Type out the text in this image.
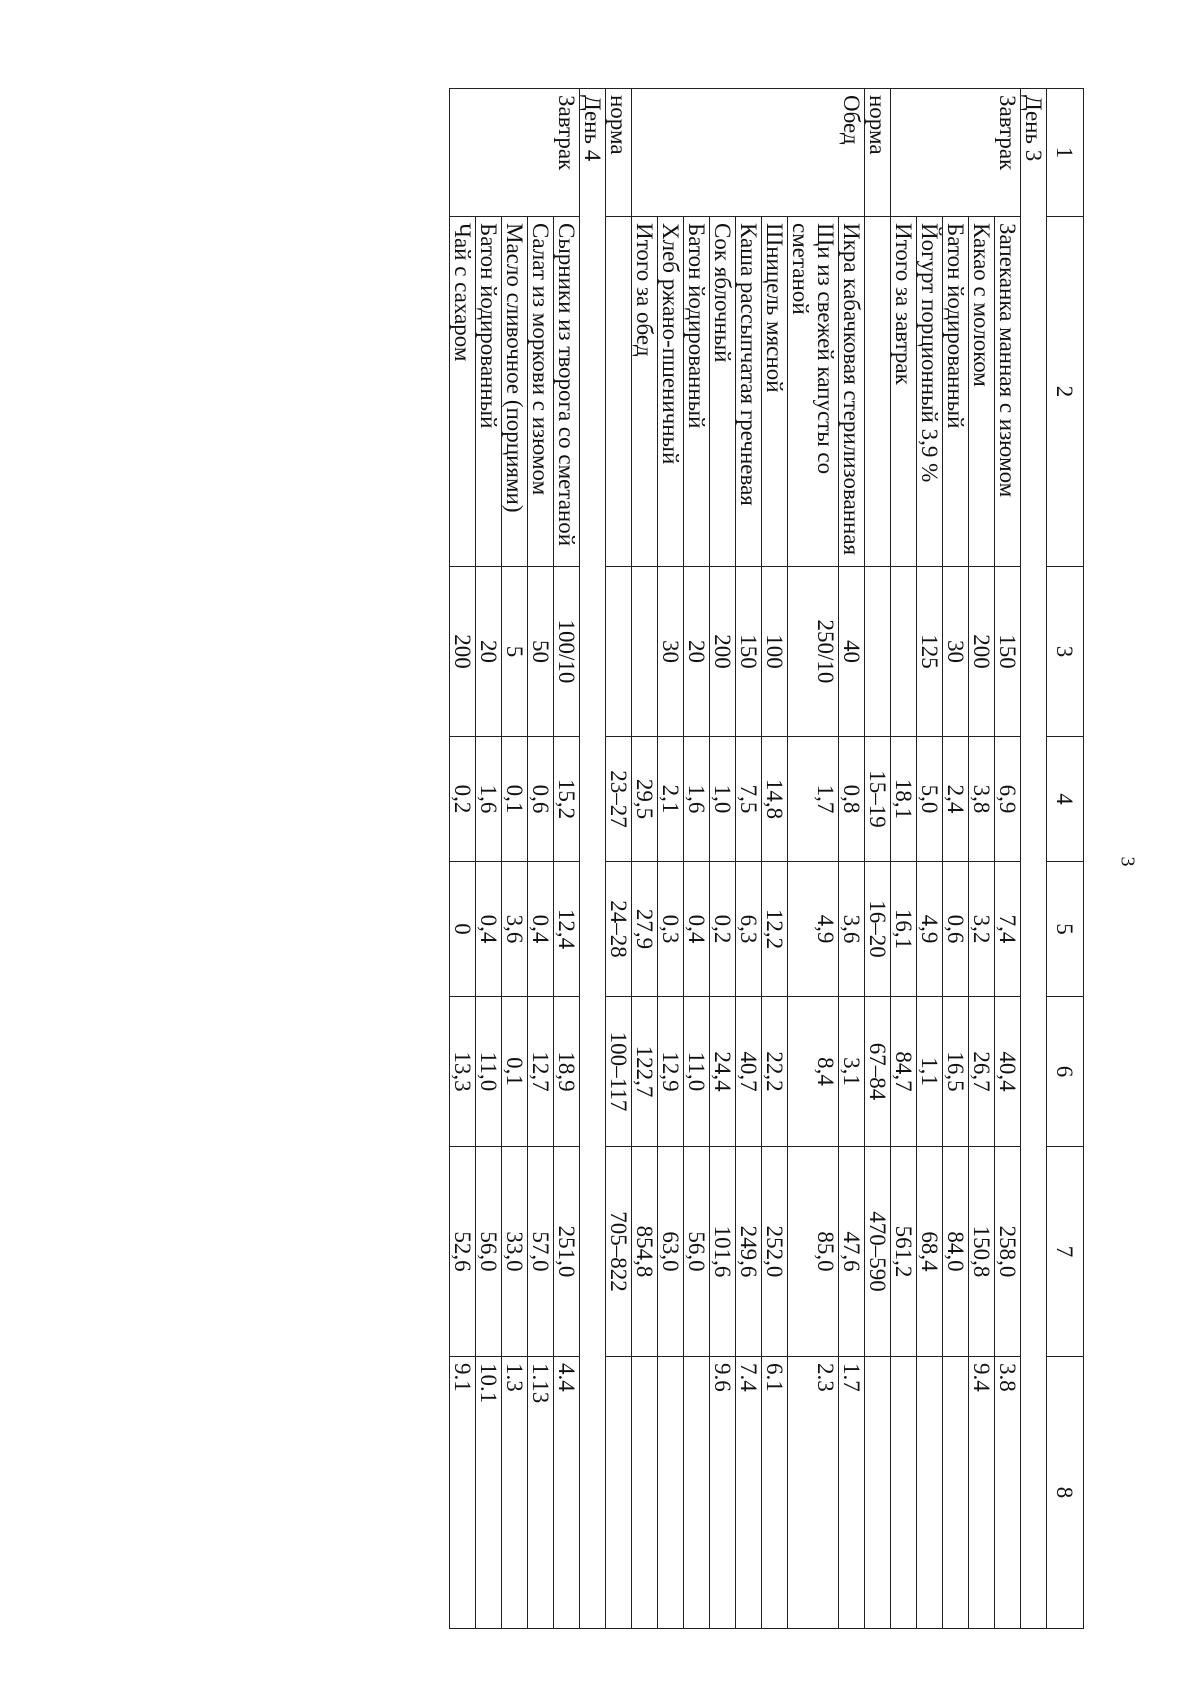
3
1	2	3	4	5	6	7	8
День 3							
Завтрак	Запеканка манная с изюмом	150	6,9	7,4	40,4	258,0	3.8
	Какао с молоком	200	3,8	3,2	26,7	150,8	9.4
	Батон йодированный	30	2,4	0,6	16,5	84,0	
	Йогурт порционный 3,9 %	125	5,0	4,9	1,1	68,4	
	Итого за завтрак		18,1	16,1	84,7	561,2	
норма			15–19	16–20	67–84	470–590	
Обед	Икра кабачковая стерилизованная	40	0,8	3,6	3,1	47,6	1.7
	Щи из свежей капусты со сметаной	250/10	1,7	4,9	8,4	85,0	2.3
	Шницель мясной	100	14,8	12,2	22,2	252,0	6.1
	Каша рассыпчатая гречневая	150	7,5	6,3	40,7	249,6	7.4
	Сок яблочный	200	1,0	0,2	24,4	101,6	9.6
	Батон йодированный	20	1,6	0,4	11,0	56,0	
	Хлеб ржано-пшеничный	30	2,1	0,3	12,9	63,0	
	Итого за обед		29,5	27,9	122,7	854,8	
норма			23–27	24–28	100–117	705–822	
День 4							
Завтрак	Сырники из творога со сметаной	100/10	15,2	12,4	18,9	251,0	4.4
	Салат из моркови с изюмом	50	0,6	0,4	12,7	57,0	1.13
	Масло сливочное (порциями)	5	0,1	3,6	0,1	33,0	1.3
	Батон йодированный	20	1,6	0,4	11,0	56,0	10.1
	Чай с сахаром	200	0,2	0	13,3	52,6	9.1
